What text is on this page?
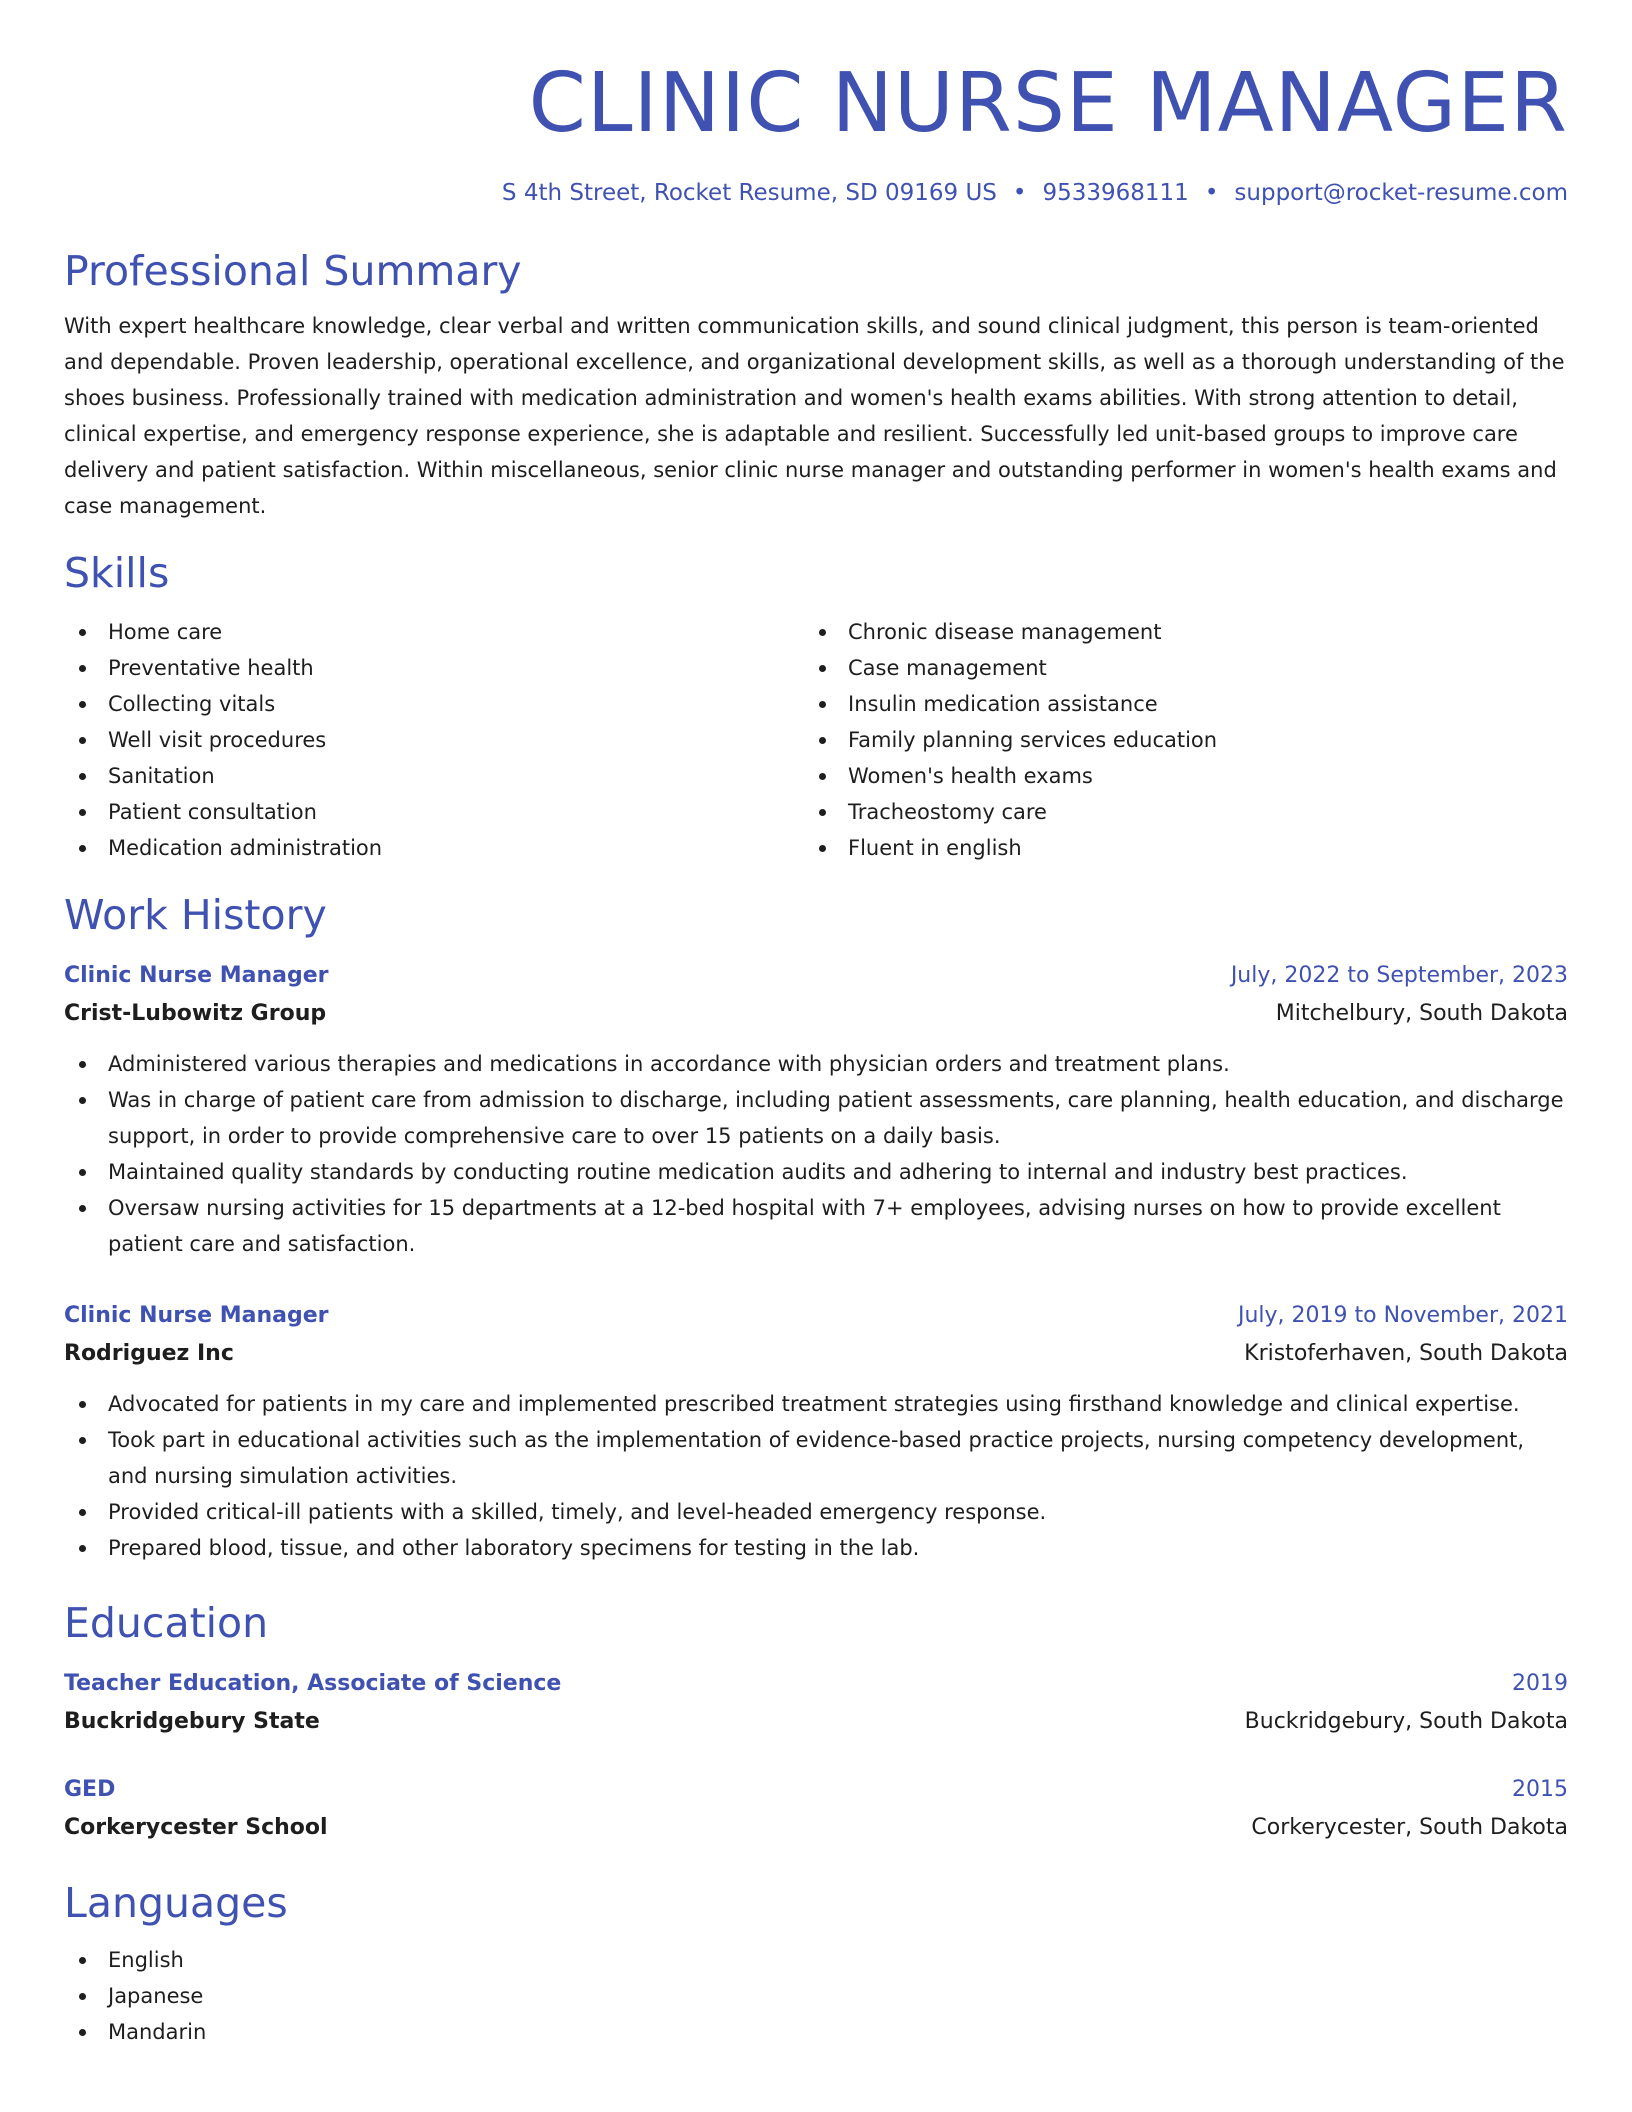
CLINIC NURSE MANAGER
S 4th Street, Rocket Resume, SD 09169 US • 9533968111 • support@rocket-resume.com
Professional Summary

With expert healthcare knowledge, clear verbal and written communication skills, and sound clinical judgment, this person is team-oriented and dependable. Proven leadership, operational excellence, and organizational development skills, as well as a thorough understanding of the shoes business. Professionally trained with medication administration and women's health exams abilities. With strong attention to detail, clinical expertise, and emergency response experience, she is adaptable and resilient. Successfully led unit-based groups to improve care delivery and patient satisfaction. Within miscellaneous, senior clinic nurse manager and outstanding performer in women's health exams and case management.

Skills
Home care
Preventative health
Collecting vitals
Well visit procedures
Sanitation
Patient consultation
Medication administration
Chronic disease management
Case management
Insulin medication assistance
Family planning services education
Women's health exams
Tracheostomy care
Fluent in english
Work History
Clinic Nurse Manager	July, 2022 to September, 2023
Crist-Lubowitz Group	Mitchelbury, South Dakota
Administered various therapies and medications in accordance with physician orders and treatment plans.
Was in charge of patient care from admission to discharge, including patient assessments, care planning, health education, and discharge support, in order to provide comprehensive care to over 15 patients on a daily basis.
Maintained quality standards by conducting routine medication audits and adhering to internal and industry best practices.
Oversaw nursing activities for 15 departments at a 12-bed hospital with 7+ employees, advising nurses on how to provide excellent patient care and satisfaction.
Clinic Nurse Manager	July, 2019 to November, 2021
Rodriguez Inc	Kristoferhaven, South Dakota
Advocated for patients in my care and implemented prescribed treatment strategies using firsthand knowledge and clinical expertise.
Took part in educational activities such as the implementation of evidence-based practice projects, nursing competency development, and nursing simulation activities.
Provided critical-ill patients with a skilled, timely, and level-headed emergency response.
Prepared blood, tissue, and other laboratory specimens for testing in the lab.
Education
Teacher Education, Associate of Science	2019
Buckridgebury State	Buckridgebury, South Dakota
GED	2015
Corkerycester School	Corkerycester, South Dakota
Languages
English
Japanese
Mandarin
